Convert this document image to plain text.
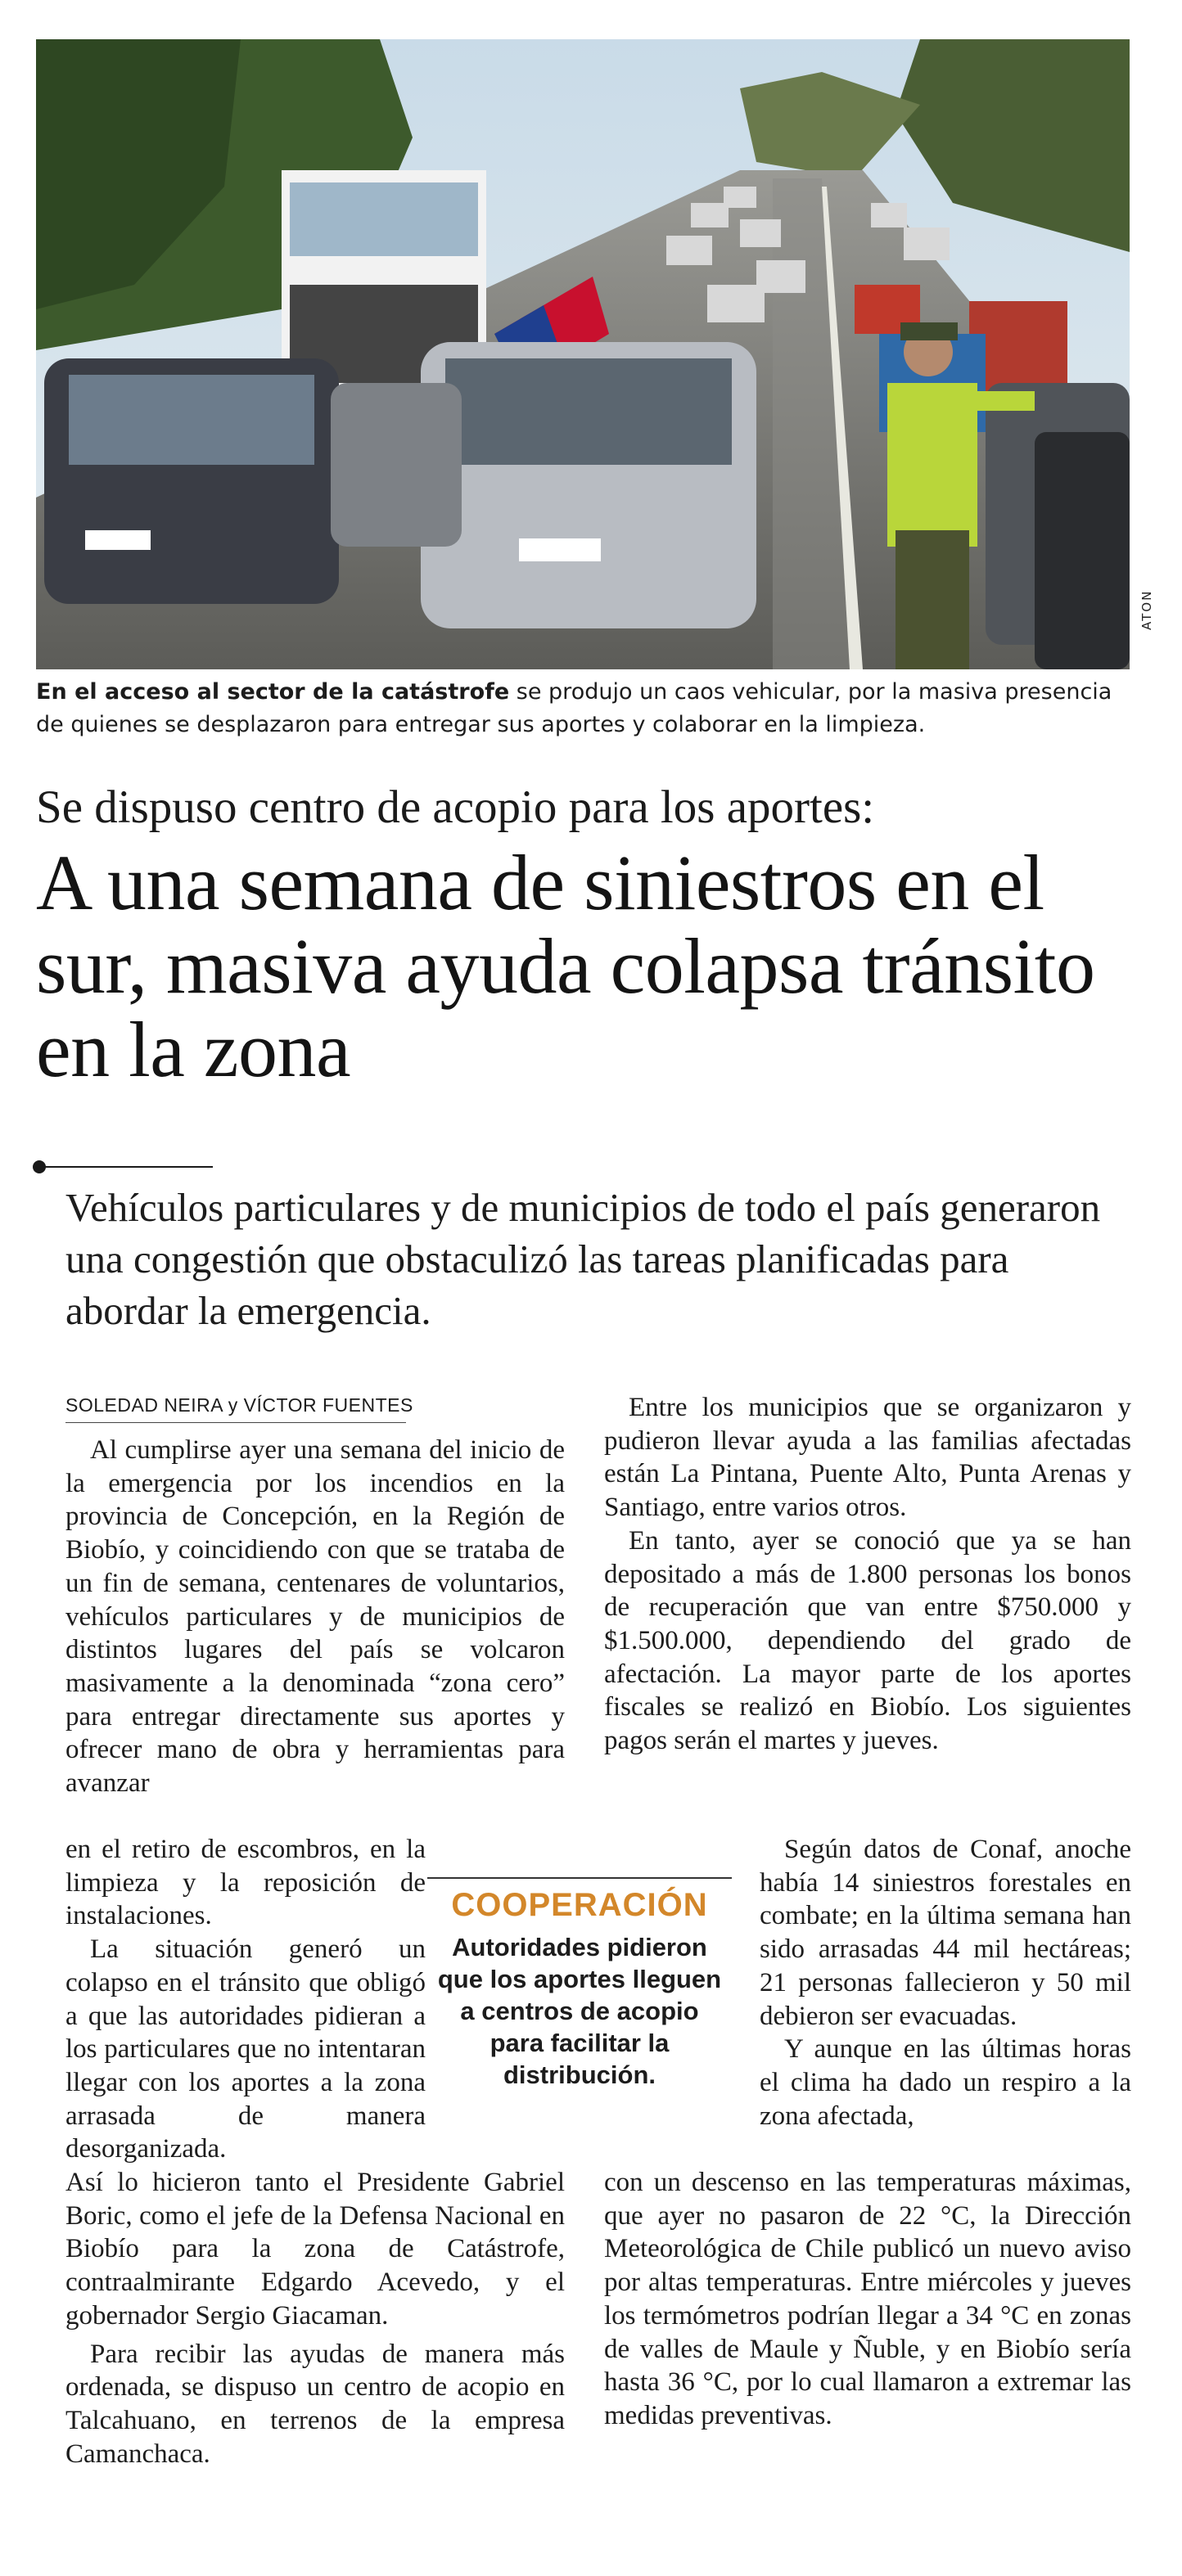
ATON
En el acceso al sector de la catástrofe se produjo un caos vehicular, por la masiva presencia de quienes se desplazaron para entregar sus aportes y colaborar en la limpieza.
Se dispuso centro de acopio para los aportes:
A una semana de siniestros en el sur, masiva ayuda colapsa tránsito en la zona
Vehículos particulares y de municipios de todo el país generaron una congestión que obstaculizó las tareas planificadas para abordar la emergencia.
SOLEDAD NEIRA y VÍCTOR FUENTES

Al cumplirse ayer una semana del inicio de la emergencia por los incendios en la provincia de Concepción, en la Región de Biobío, y coincidiendo con que se trataba de un fin de semana, centenares de voluntarios, vehículos particulares y de municipios de distintos lugares del país se volcaron masivamente a la denominada “zona cero” para entregar directamente sus aportes y ofrecer mano de obra y herramientas para avanzar

en el retiro de escombros, en la limpieza y la reposición de instalaciones.

La situación generó un colapso en el tránsito que obligó a que las autoridades pidieran a los particulares que no intentaran llegar con los aportes a la zona arrasada de manera desorganizada.

Así lo hicieron tanto el Presidente Gabriel Boric, como el jefe de la Defensa Nacional en Biobío para la zona de Catástrofe, contraalmirante Edgardo Acevedo, y el gobernador Sergio Giacaman.

Para recibir las ayudas de manera más ordenada, se dispuso un centro de acopio en Talcahuano, en terrenos de la empresa Camanchaca.

Entre los municipios que se organizaron y pudieron llevar ayuda a las familias afectadas están La Pintana, Puente Alto, Punta Arenas y Santiago, entre varios otros.

En tanto, ayer se conoció que ya se han depositado a más de 1.800 personas los bonos de recuperación que van entre $750.000 y $1.500.000, dependiendo del grado de afectación. La mayor parte de los aportes fiscales se realizó en Biobío. Los siguientes pagos serán el martes y jueves.

Según datos de Conaf, anoche había 14 siniestros forestales en combate; en la última semana han sido arrasadas 44 mil hectáreas; 21 personas fallecieron y 50 mil debieron ser evacuadas.

Y aunque en las últimas horas el clima ha dado un respiro a la zona afectada,

con un descenso en las temperaturas máximas, que ayer no pasaron de 22 °C, la Dirección Meteorológica de Chile publicó un nuevo aviso por altas temperaturas. Entre miércoles y jueves los termómetros podrían llegar a 34 °C en zonas de valles de Maule y Ñuble, y en Biobío sería hasta 36 °C, por lo cual llamaron a extremar las medidas preventivas.

COOPERACIÓN
Autoridades pidieron que los aportes lleguen a centros de acopio para facilitar la distribución.
